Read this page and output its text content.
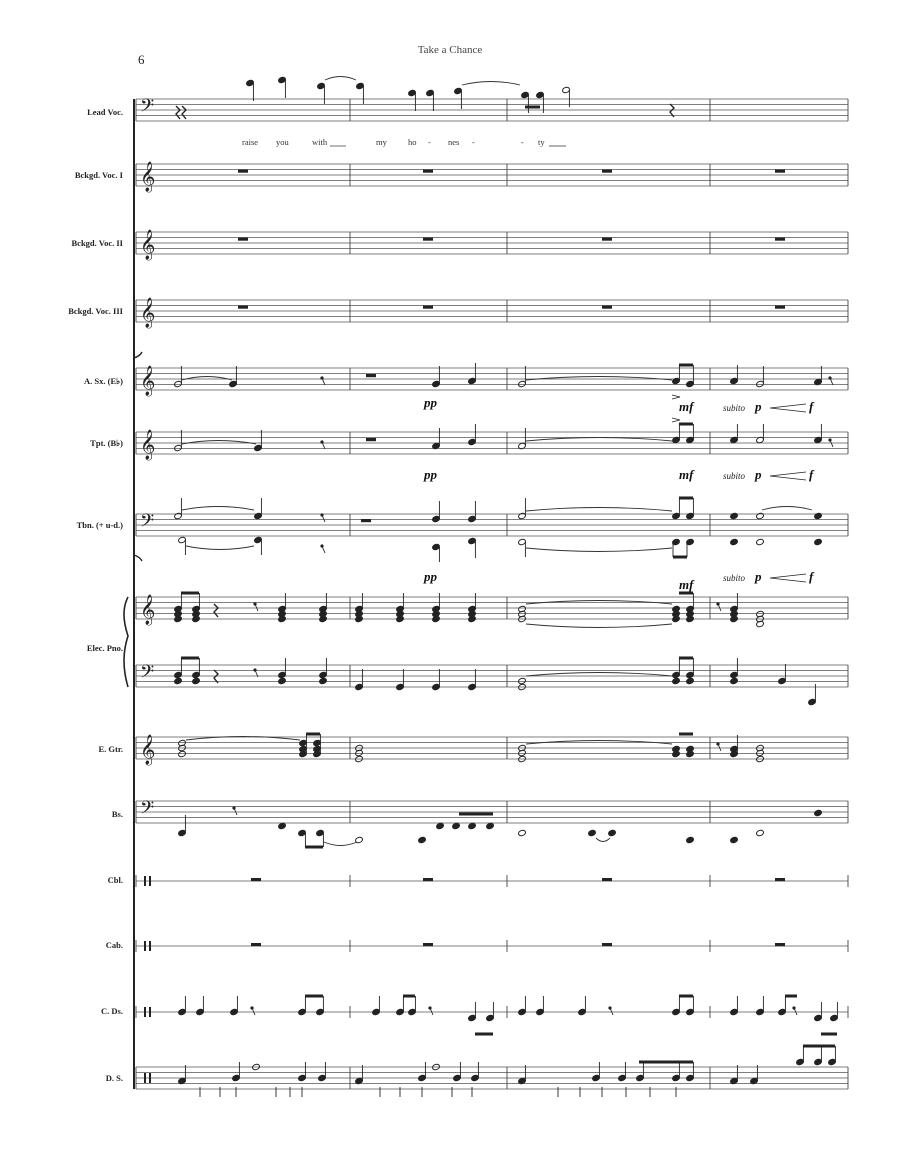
6
Take a Chance
𝄢
𝄞
𝄞
𝄞
𝄞
𝄞
𝄢
𝄞
𝄢
𝄞
𝄢
Lead Voc.
Bckgd. Voc. I
Bckgd. Voc. II
Bckgd. Voc. III
A. Sx. (E♭)
Tpt. (B♭)
Tbn. (+ u-d.)
Elec. Pno.
E. Gtr.
Bs.
Cbl.
Cab.
C. Ds.
D. S.
raise you	with	my ho - nes -	- ty
pp
pp
pp
mf
mf
mf
subito p	f
subito p	f
subito p	f
